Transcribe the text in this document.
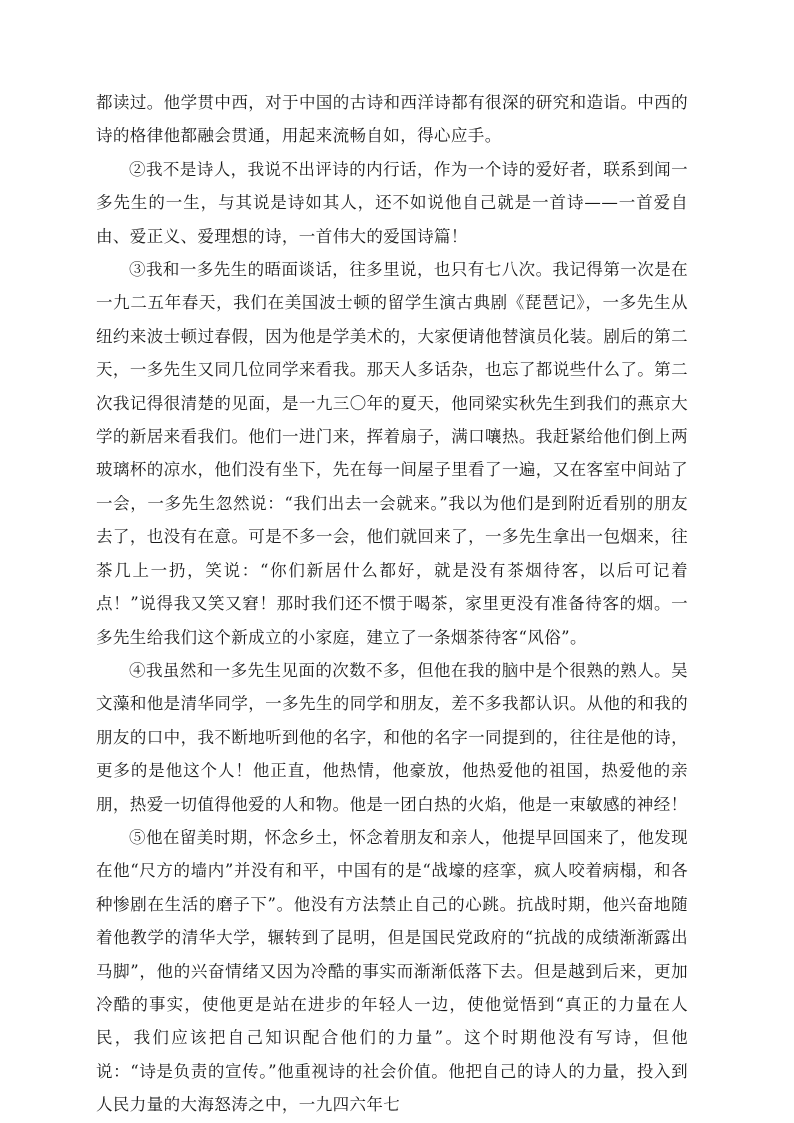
都读过。他学贯中西，对于中国的古诗和西洋诗都有很深的研究和造诣。中西的诗的格律他都融会贯通，用起来流畅自如，得心应手。

②我不是诗人，我说不出评诗的内行话，作为一个诗的爱好者，联系到闻一多先生的一生，与其说是诗如其人，还不如说他自己就是一首诗——一首爱自由、爱正义、爱理想的诗，一首伟大的爱国诗篇！

③我和一多先生的晤面谈话，往多里说，也只有七八次。我记得第一次是在一九二五年春天，我们在美国波士顿的留学生演古典剧《琵琶记》，一多先生从纽约来波士顿过春假，因为他是学美术的，大家便请他替演员化装。剧后的第二天，一多先生又同几位同学来看我。那天人多话杂，也忘了都说些什么了。第二次我记得很清楚的见面，是一九三〇年的夏天，他同梁实秋先生到我们的燕京大学的新居来看我们。他们一进门来，挥着扇子，满口嚷热。我赶紧给他们倒上两玻璃杯的凉水，他们没有坐下，先在每一间屋子里看了一遍，又在客室中间站了一会，一多先生忽然说：“我们出去一会就来。”我以为他们是到附近看别的朋友去了，也没有在意。可是不多一会，他们就回来了，一多先生拿出一包烟来，往茶几上一扔，笑说：“你们新居什么都好，就是没有茶烟待客，以后可记着点！”说得我又笑又窘！那时我们还不惯于喝茶，家里更没有准备待客的烟。一多先生给我们这个新成立的小家庭，建立了一条烟茶待客“风俗”。

④我虽然和一多先生见面的次数不多，但他在我的脑中是个很熟的熟人。吴文藻和他是清华同学，一多先生的同学和朋友，差不多我都认识。从他的和我的朋友的口中，我不断地听到他的名字，和他的名字一同提到的，往往是他的诗，更多的是他这个人！他正直，他热情，他豪放，他热爱他的祖国，热爱他的亲朋，热爱一切值得他爱的人和物。他是一团白热的火焰，他是一束敏感的神经！

⑤他在留美时期，怀念乡土，怀念着朋友和亲人，他提早回国来了，他发现在他“尺方的墙内”并没有和平，中国有的是“战壕的痉挛，疯人咬着病榻，和各种惨剧在生活的磨子下”。他没有方法禁止自己的心跳。抗战时期，他兴奋地随着他教学的清华大学，辗转到了昆明，但是国民党政府的“抗战的成绩渐渐露出马脚”，他的兴奋情绪又因为冷酷的事实而渐渐低落下去。但是越到后来，更加冷酷的事实，使他更是站在进步的年轻人一边，使他觉悟到“真正的力量在人民，我们应该把自己知识配合他们的力量”。这个时期他没有写诗，但他说：“诗是负责的宣传。”他重视诗的社会价值。他把自己的诗人的力量，投入到人民力量的大海怒涛之中，一九四六年七
